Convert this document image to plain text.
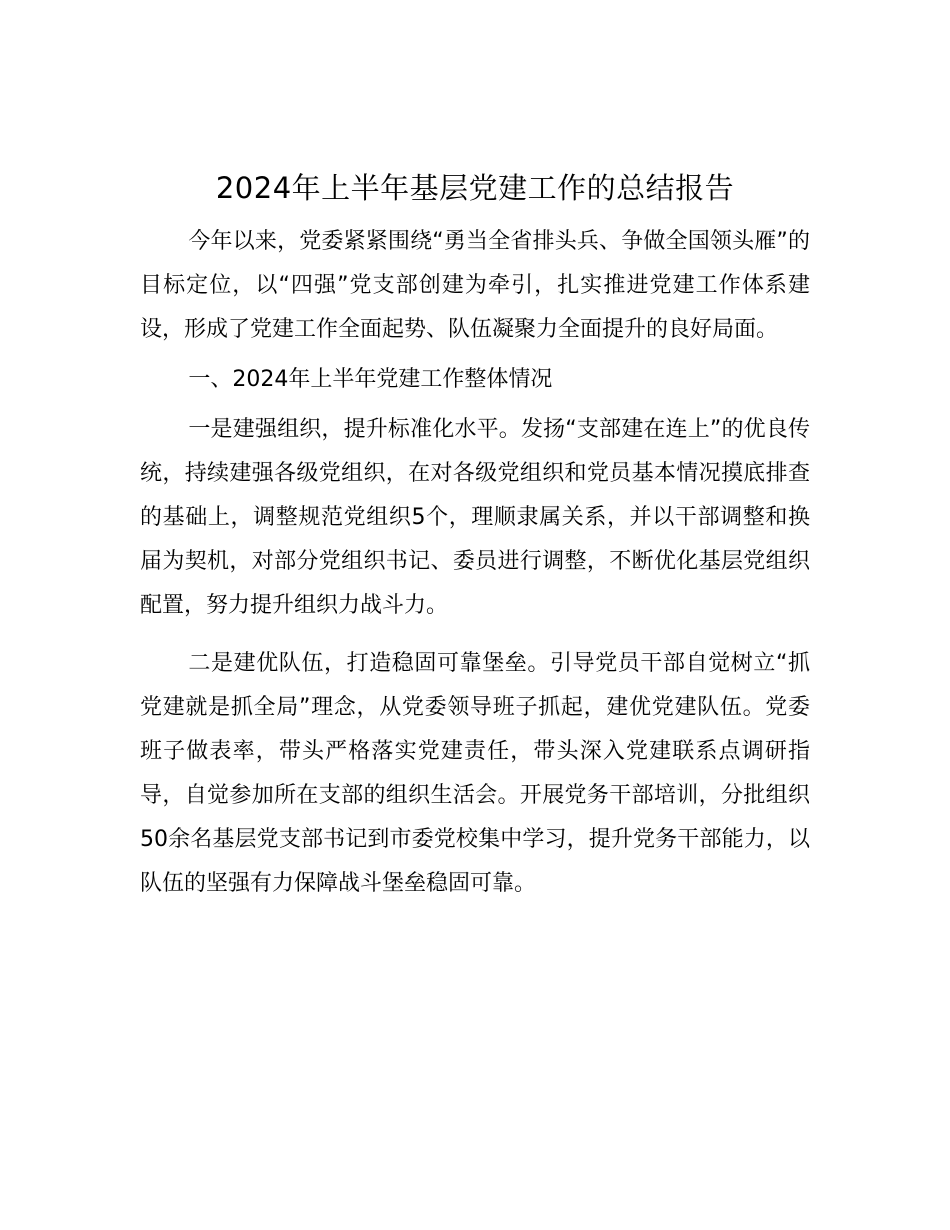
2024年上半年基层党建工作的总结报告

今年以来，党委紧紧围绕“勇当全省排头兵、争做全国领头雁”的目标定位，以“四强”党支部创建为牵引，扎实推进党建工作体系建设，形成了党建工作全面起势、队伍凝聚力全面提升的良好局面。

一、2024年上半年党建工作整体情况

一是建强组织，提升标准化水平。发扬“支部建在连上”的优良传统，持续建强各级党组织，在对各级党组织和党员基本情况摸底排查的基础上，调整规范党组织5个，理顺隶属关系，并以干部调整和换届为契机，对部分党组织书记、委员进行调整，不断优化基层党组织配置，努力提升组织力战斗力。

二是建优队伍，打造稳固可靠堡垒。引导党员干部自觉树立“抓党建就是抓全局”理念，从党委领导班子抓起，建优党建队伍。党委班子做表率，带头严格落实党建责任，带头深入党建联系点调研指导，自觉参加所在支部的组织生活会。开展党务干部培训，分批组织50余名基层党支部书记到市委党校集中学习，提升党务干部能力，以队伍的坚强有力保障战斗堡垒稳固可靠。
